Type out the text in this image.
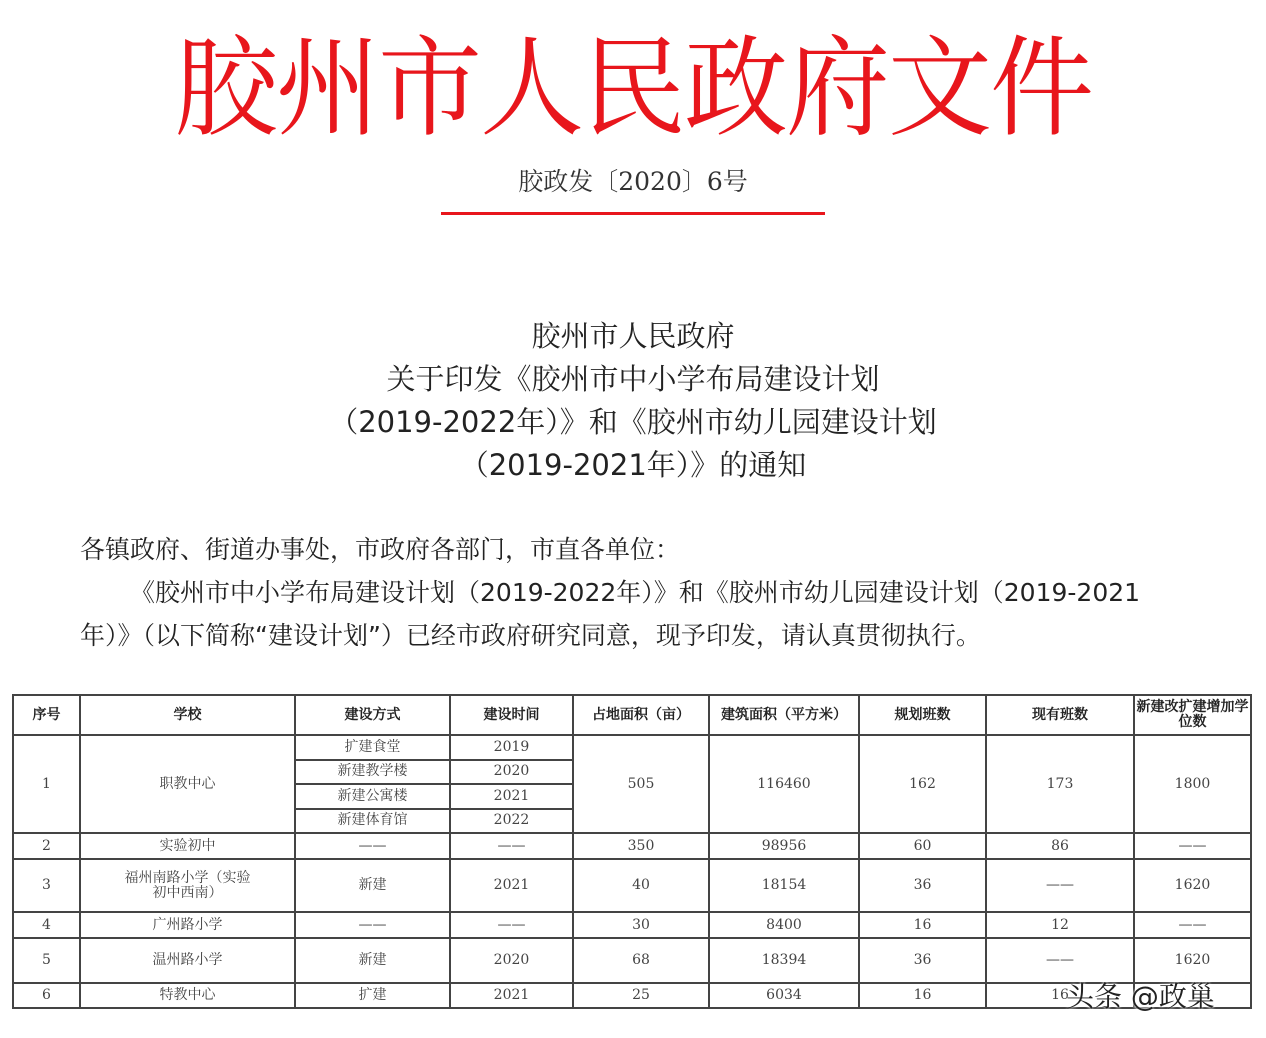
胶州市人民政府文件
胶政发〔2020〕6号
胶州市人民政府
关于印发《胶州市中小学布局建设计划
（2019-2022年）》和《胶州市幼儿园建设计划
（2019-2021年）》的通知

各镇政府、街道办事处，市政府各部门，市直各单位：

《胶州市中小学布局建设计划（2019-2022年）》和《胶州市幼儿园建设计划（2019-2021年）》（以下简称“建设计划”）已经市政府研究同意，现予印发，请认真贯彻执行。

序号	学校	建设方式	建设时间	占地面积（亩）	建筑面积（平方米）	规划班数	现有班数	新建改扩建增加学位数
1	职教中心	扩建食堂	2019	505	116460	162	173	1800
		新建教学楼	2020					
		新建公寓楼	2021					
		新建体育馆	2022					
2	实验初中	——	——	350	98956	60	86	——
3	福州南路小学（实验初中西南）	新建	2021	40	18154	36	——	1620
4	广州路小学	——	——	30	8400	16	12	——
5	温州路小学	新建	2020	68	18394	36	——	1620
6	特教中心	扩建	2021	25	6034	16	16	
头条 @政巢
